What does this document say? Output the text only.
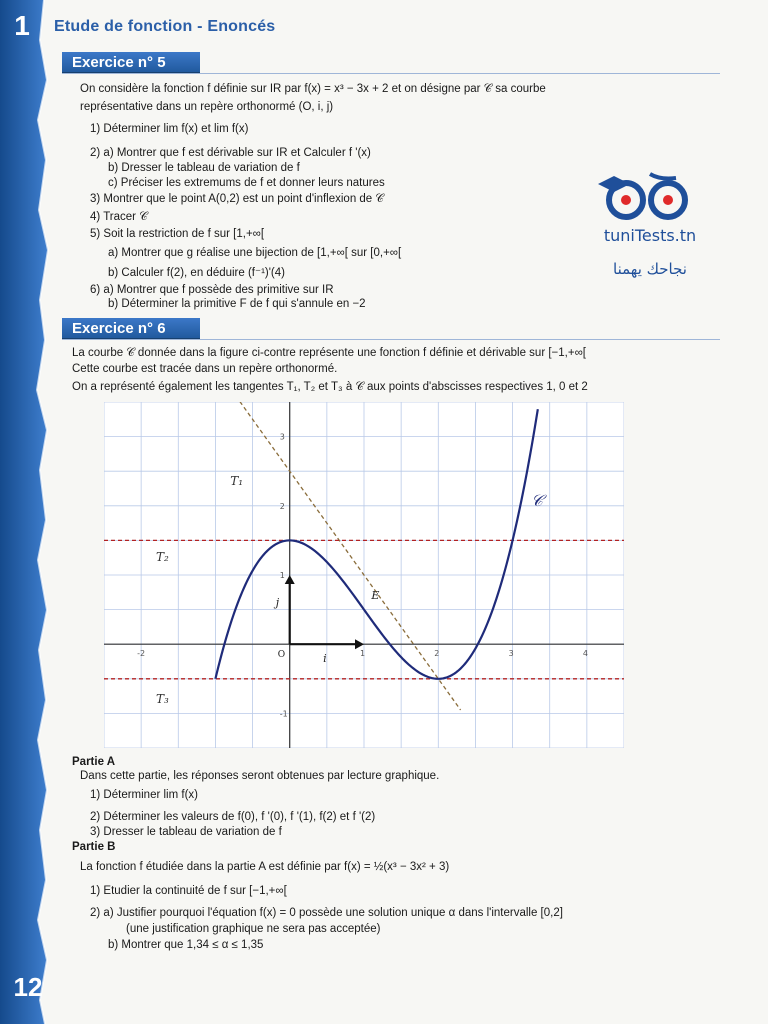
1
12
Etude de fonction - Enoncés
Exercice n° 5
On considère la fonction f définie sur IR par f(x) = x³ − 3x + 2 et on désigne par 𝒞 sa courbe
représentative dans un repère orthonormé (O, i, j)
1) Déterminer lim f(x) et lim f(x)
2) a) Montrer que f est dérivable sur IR et Calculer f '(x)
b) Dresser le tableau de variation de f
c) Préciser les extremums de f et donner leurs natures
3) Montrer que le point A(0,2) est un point d'inflexion de 𝒞
4) Tracer 𝒞
5) Soit la restriction de f sur [1,+∞[
a) Montrer que g réalise une bijection de [1,+∞[ sur [0,+∞[
b) Calculer f(2), en déduire (f⁻¹)'(4)
6) a) Montrer que f possède des primitive sur IR
b) Déterminer la primitive F de f qui s'annule en −2
tuniTests.tn
نجاحك يهمنا
Exercice n° 6
La courbe 𝒞 donnée dans la figure ci-contre représente une fonction f définie et dérivable sur [−1,+∞[
Cette courbe est tracée dans un repère orthonormé.
On a représenté également les tangentes T₁, T₂ et T₃ à 𝒞 aux points d'abscisses respectives 1, 0 et 2
-2	1	2	3	4
-1
1
2
3
O	i
j
T₁
T₂
T₃
𝒞
E
Partie A
Dans cette partie, les réponses seront obtenues par lecture graphique.
1) Déterminer lim f(x)
2) Déterminer les valeurs de f(0), f '(0), f '(1), f(2) et f '(2)
3) Dresser le tableau de variation de f
Partie B
La fonction f étudiée dans la partie A est définie par f(x) = ½(x³ − 3x² + 3)
1) Etudier la continuité de f sur [−1,+∞[
2) a) Justifier pourquoi l'équation f(x) = 0 possède une solution unique α dans l'intervalle [0,2]
(une justification graphique ne sera pas acceptée)
b) Montrer que 1,34 ≤ α ≤ 1,35
